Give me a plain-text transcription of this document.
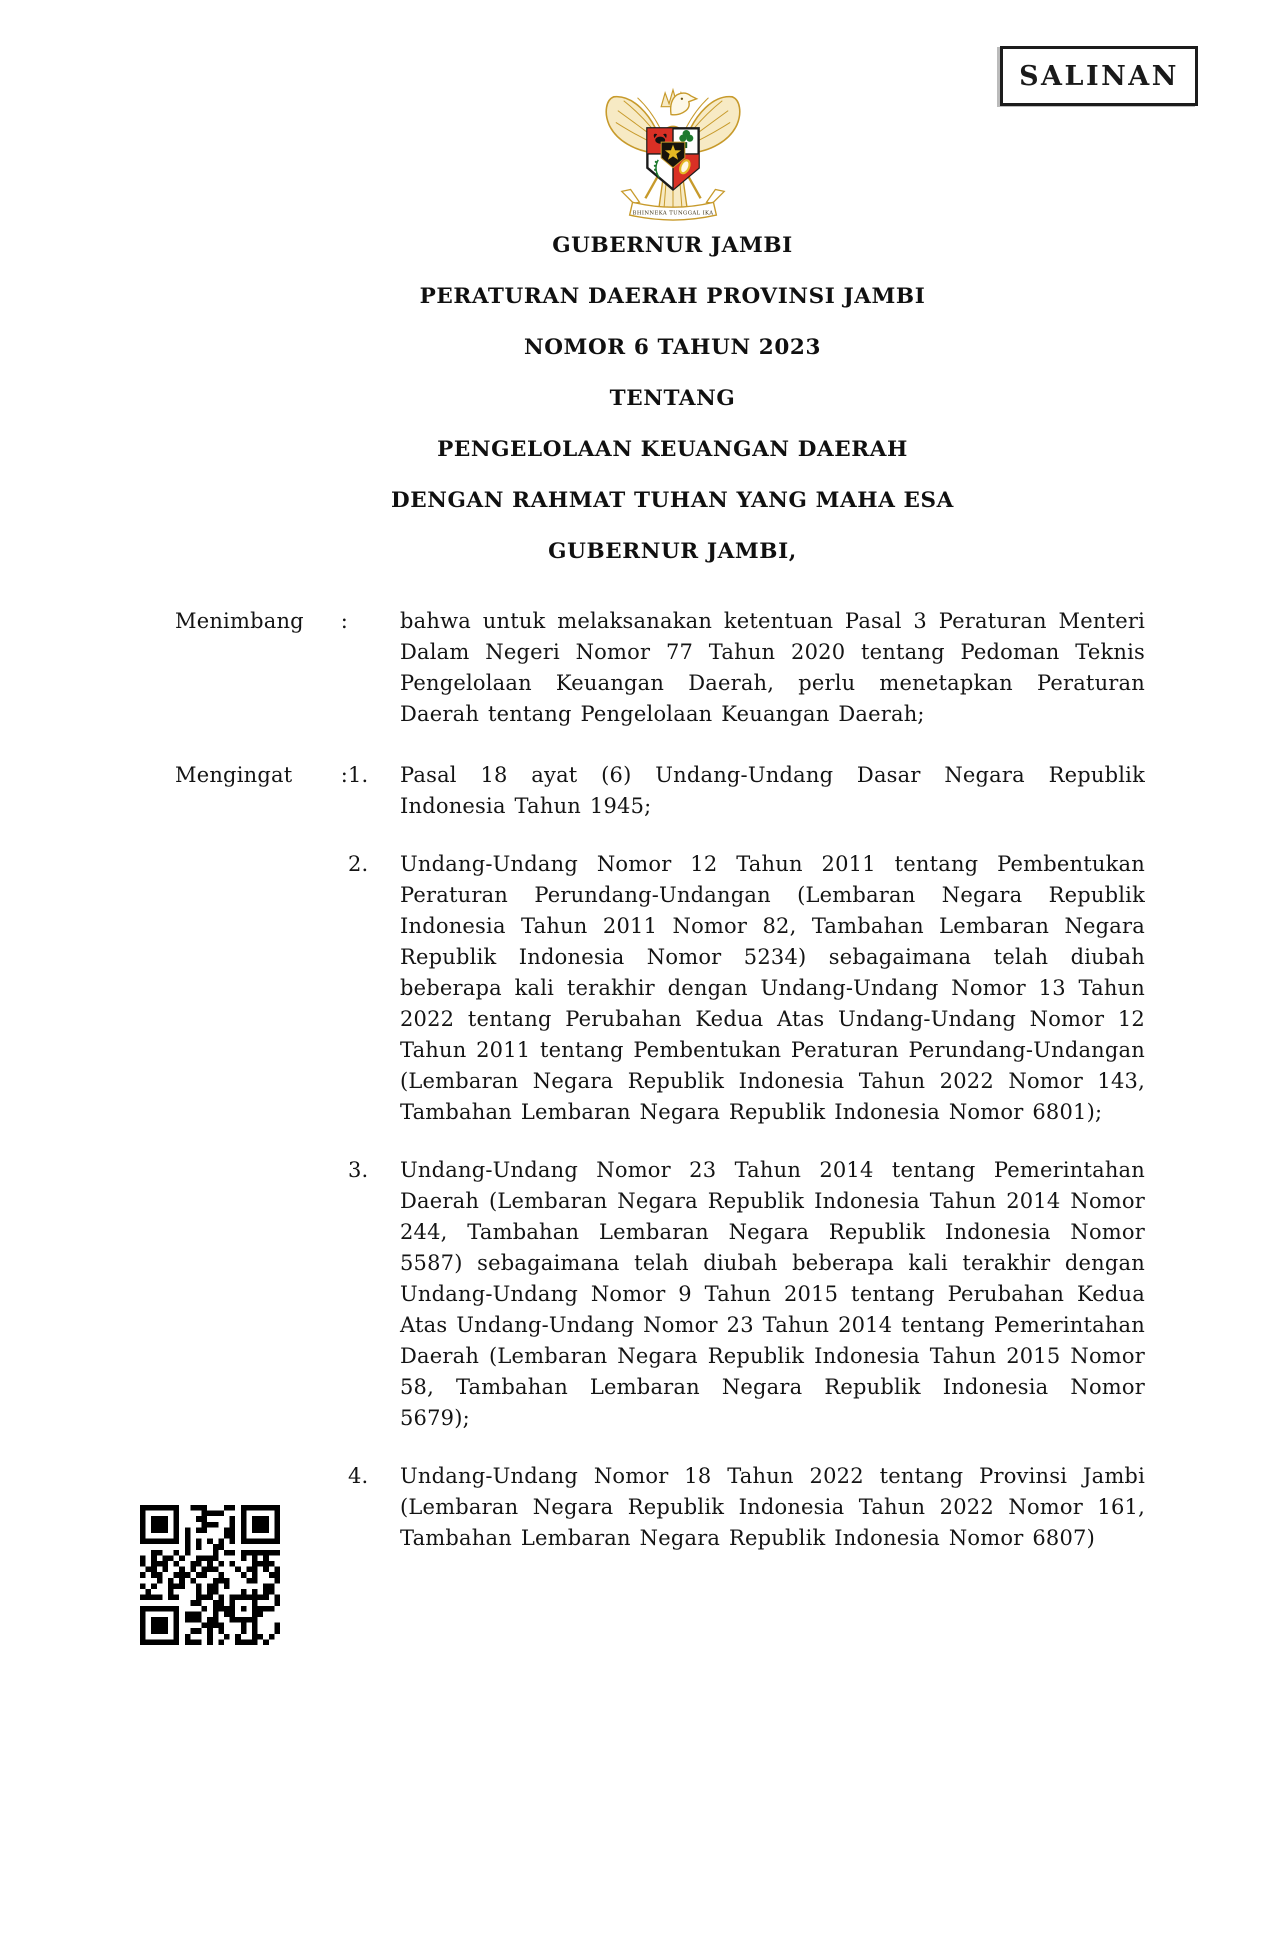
SALINAN
BHINNEKA TUNGGAL IKA
GUBERNUR JAMBI
PERATURAN DAERAH PROVINSI JAMBI
NOMOR 6 TAHUN 2023
TENTANG
PENGELOLAAN KEUANGAN DAERAH
DENGAN RAHMAT TUHAN YANG MAHA ESA
GUBERNUR JAMBI,
Menimbang : bahwa untuk melaksanakan ketentuan Pasal 3 Peraturan Menteri Dalam Negeri Nomor 77 Tahun 2020 tentang Pedoman Teknis Pengelolaan Keuangan Daerah, perlu menetapkan Peraturan Daerah tentang Pengelolaan Keuangan Daerah;
Mengingat : 1.	Pasal 18 ayat (6) Undang-Undang Dasar Negara Republik Indonesia Tahun 1945;
2.	Undang-Undang Nomor 12 Tahun 2011 tentang Pembentukan Peraturan Perundang-Undangan (Lembaran Negara Republik Indonesia Tahun 2011 Nomor 82, Tambahan Lembaran Negara Republik Indonesia Nomor 5234) sebagaimana telah diubah beberapa kali terakhir dengan Undang-Undang Nomor 13 Tahun 2022 tentang Perubahan Kedua Atas Undang-Undang Nomor 12 Tahun 2011 tentang Pembentukan Peraturan Perundang-Undangan (Lembaran Negara Republik Indonesia Tahun 2022 Nomor 143, Tambahan Lembaran Negara Republik Indonesia Nomor 6801);
3.	Undang-Undang Nomor 23 Tahun 2014 tentang Pemerintahan Daerah (Lembaran Negara Republik Indonesia Tahun 2014 Nomor 244, Tambahan Lembaran Negara Republik Indonesia Nomor 5587) sebagaimana telah diubah beberapa kali terakhir dengan Undang-Undang Nomor 9 Tahun 2015 tentang Perubahan Kedua Atas Undang-Undang Nomor 23 Tahun 2014 tentang Pemerintahan Daerah (Lembaran Negara Republik Indonesia Tahun 2015 Nomor 58, Tambahan Lembaran Negara Republik Indonesia Nomor 5679);
4.	Undang-Undang Nomor 18 Tahun 2022 tentang Provinsi Jambi (Lembaran Negara Republik Indonesia Tahun 2022 Nomor 161, Tambahan Lembaran Negara Republik Indonesia Nomor 6807)
